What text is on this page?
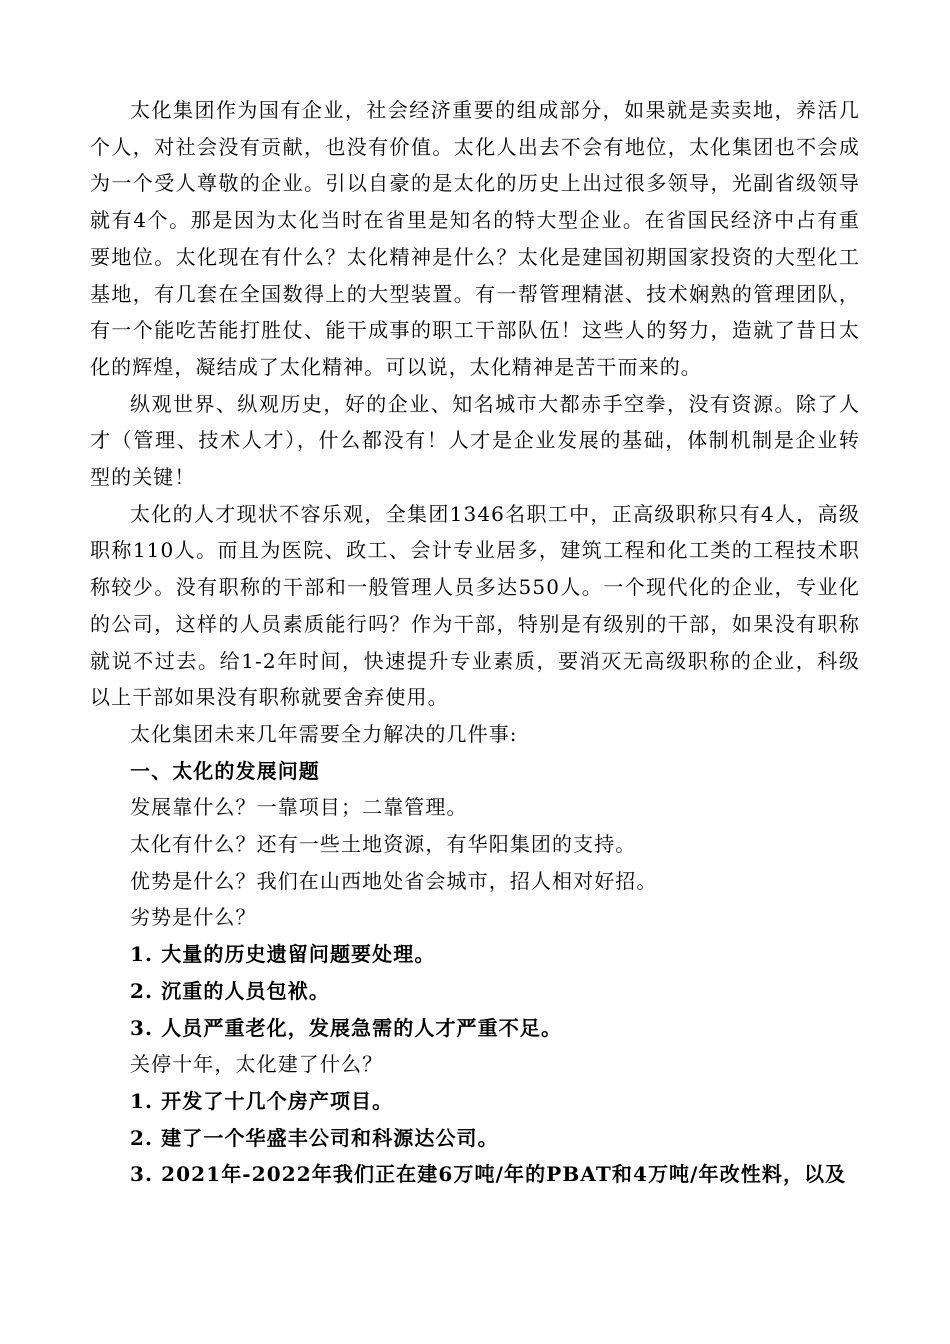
太化集团作为国有企业，社会经济重要的组成部分，如果就是卖卖地，养活几个人，对社会没有贡献，也没有价值。太化人出去不会有地位，太化集团也不会成为一个受人尊敬的企业。引以自豪的是太化的历史上出过很多领导，光副省级领导就有4个。那是因为太化当时在省里是知名的特大型企业。在省国民经济中占有重要地位。太化现在有什么？太化精神是什么？太化是建国初期国家投资的大型化工基地，有几套在全国数得上的大型装置。有一帮管理精湛、技术娴熟的管理团队，有一个能吃苦能打胜仗、能干成事的职工干部队伍！这些人的努力，造就了昔日太化的辉煌，凝结成了太化精神。可以说，太化精神是苦干而来的。

纵观世界、纵观历史，好的企业、知名城市大都赤手空拳，没有资源。除了人才（管理、技术人才），什么都没有！人才是企业发展的基础，体制机制是企业转型的关键！

太化的人才现状不容乐观，全集团1346名职工中，正高级职称只有4人，高级职称110人。而且为医院、政工、会计专业居多，建筑工程和化工类的工程技术职称较少。没有职称的干部和一般管理人员多达550人。一个现代化的企业，专业化的公司，这样的人员素质能行吗？作为干部，特别是有级别的干部，如果没有职称就说不过去。给1-2年时间，快速提升专业素质，要消灭无高级职称的企业，科级以上干部如果没有职称就要舍弃使用。

太化集团未来几年需要全力解决的几件事:

一、太化的发展问题

发展靠什么？一靠项目；二靠管理。

太化有什么？还有一些土地资源，有华阳集团的支持。

优势是什么？我们在山西地处省会城市，招人相对好招。

劣势是什么？

1. 大量的历史遗留问题要处理。

2. 沉重的人员包袱。

3. 人员严重老化，发展急需的人才严重不足。

关停十年，太化建了什么？

1. 开发了十几个房产项目。

2. 建了一个华盛丰公司和科源达公司。

3. 2021年-2022年我们正在建6万吨/年的PBAT和4万吨/年改性料，以及
